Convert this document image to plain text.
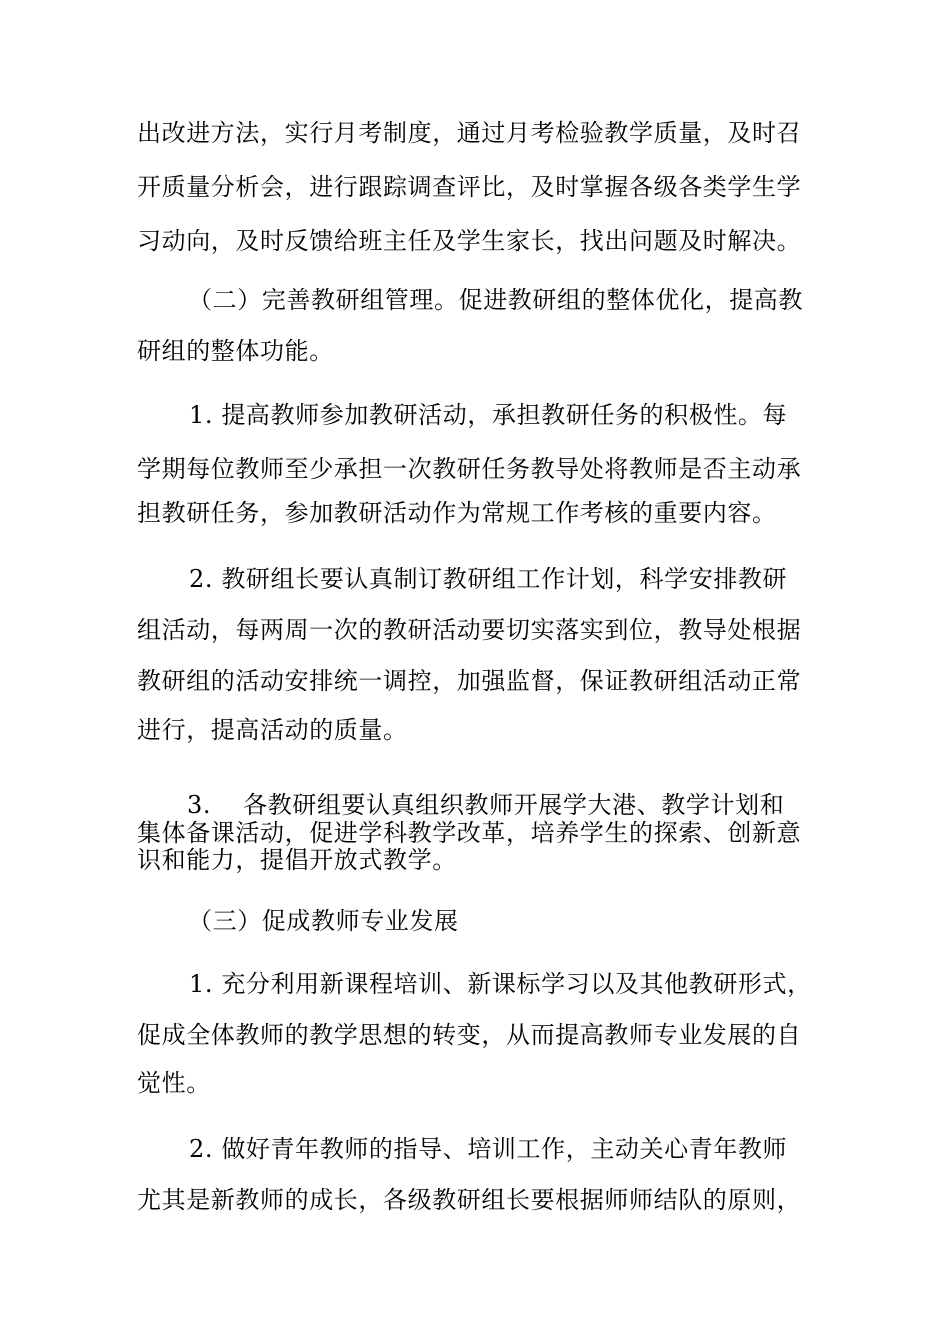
出改进方法，实行月考制度，通过月考检验教学质量，及时召
开质量分析会，进行跟踪调查评比，及时掌握各级各类学生学
习动向，及时反馈给班主任及学生家长，找出问题及时解决。
（二）完善教研组管理。促进教研组的整体优化，提高教
研组的整体功能。
1. 提高教师参加教研活动，承担教研任务的积极性。每
学期每位教师至少承担一次教研任务教导处将教师是否主动承
担教研任务，参加教研活动作为常规工作考核的重要内容。
2. 教研组长要认真制订教研组工作计划，科学安排教研
组活动，每两周一次的教研活动要切实落实到位，教导处根据
教研组的活动安排统一调控，加强监督，保证教研组活动正常
进行，提高活动的质量。
3. 各教研组要认真组织教师开展学大港、教学计划和
集体备课活动，促进学科教学改革，培养学生的探索、创新意
识和能力，提倡开放式教学。
（三）促成教师专业发展
1. 充分利用新课程培训、新课标学习以及其他教研形式，
促成全体教师的教学思想的转变，从而提高教师专业发展的自
觉性。
2. 做好青年教师的指导、培训工作，主动关心青年教师
尤其是新教师的成长，各级教研组长要根据师师结队的原则，
